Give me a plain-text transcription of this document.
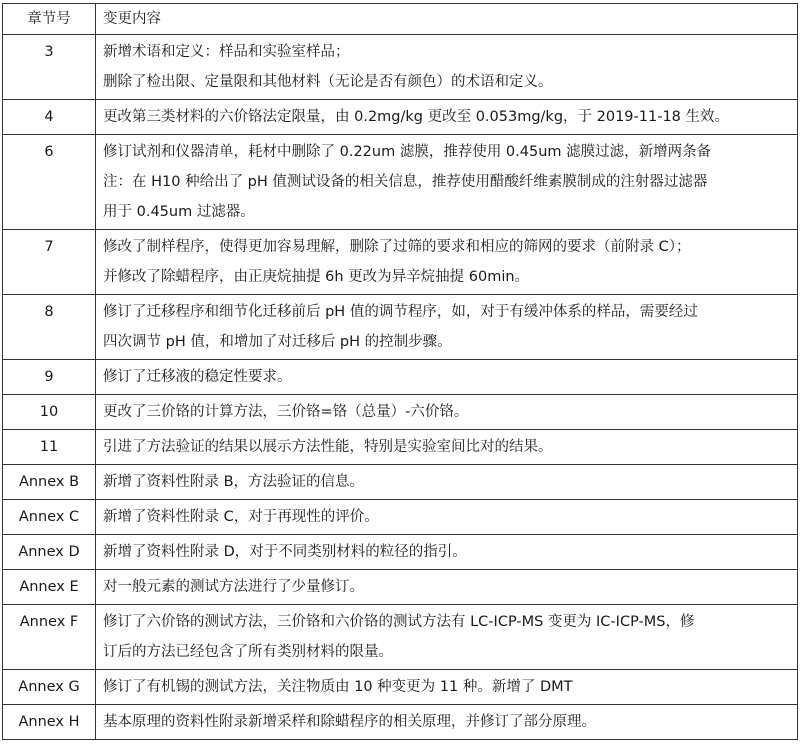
章节号	变更内容
3	新增术语和定义：样品和实验室样品；
删除了检出限、定量限和其他材料（无论是否有颜色）的术语和定义。

4	更改第三类材料的六价铬法定限量，由 0.2mg/kg 更改至 0.053mg/kg，于 2019-11-18 生效。

6	修订试剂和仪器清单，耗材中删除了 0.22um 滤膜，推荐使用 0.45um 滤膜过滤，新增两条备
注：在 H10 种给出了 pH 值测试设备的相关信息，推荐使用醋酸纤维素膜制成的注射器过滤器
用于 0.45um 过滤器。

7	修改了制样程序，使得更加容易理解，删除了过筛的要求和相应的筛网的要求（前附录 C）；
并修改了除蜡程序，由正庚烷抽提 6h 更改为异辛烷抽提 60min。

8	修订了迁移程序和细节化迁移前后 pH 值的调节程序，如，对于有缓冲体系的样品，需要经过
四次调节 pH 值，和增加了对迁移后 pH 的控制步骤。

9	修订了迁移液的稳定性要求。

10	更改了三价铬的计算方法，三价铬=铬（总量）-六价铬。

11	引进了方法验证的结果以展示方法性能，特别是实验室间比对的结果。

Annex B	新增了资料性附录 B，方法验证的信息。

Annex C	新增了资料性附录 C，对于再现性的评价。

Annex D	新增了资料性附录 D，对于不同类别材料的粒径的指引。

Annex E	对一般元素的测试方法进行了少量修订。

Annex F	修订了六价铬的测试方法，三价铬和六价铬的测试方法有 LC-ICP-MS 变更为 IC-ICP-MS，修
订后的方法已经包含了所有类别材料的限量。

Annex G	修订了有机锡的测试方法，关注物质由 10 种变更为 11 种。新增了 DMT

Annex H	基本原理的资料性附录新增采样和除蜡程序的相关原理，并修订了部分原理。
